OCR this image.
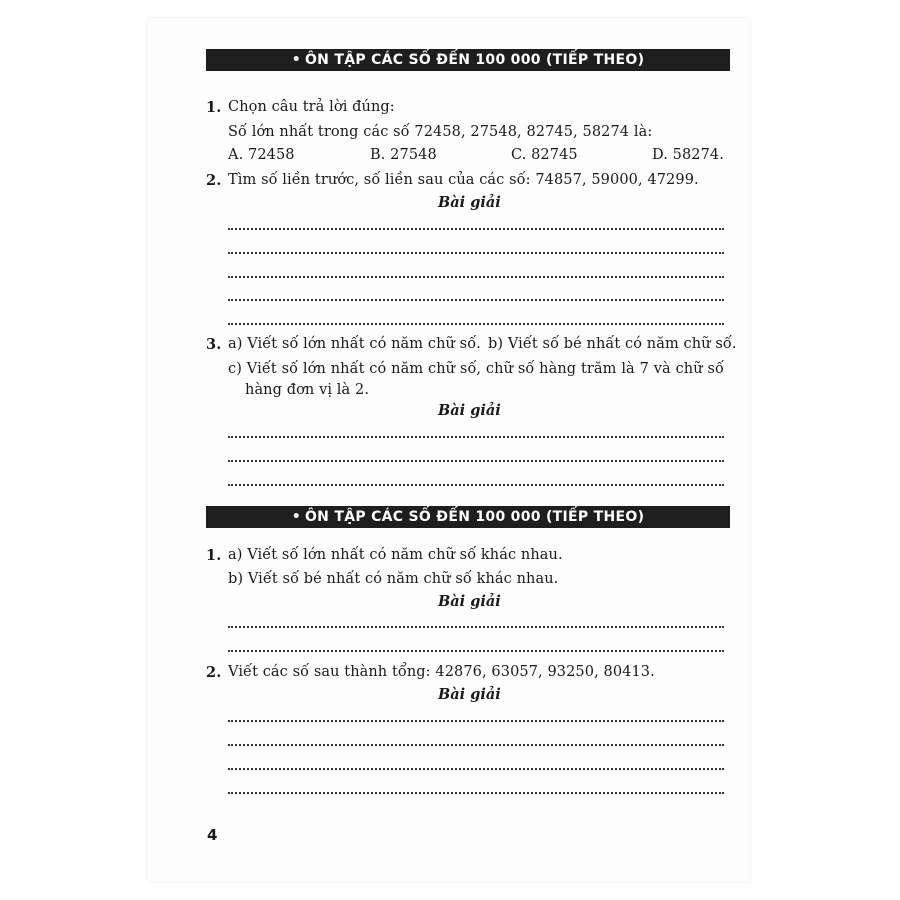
• ÔN TẬP CÁC SỐ ĐẾN 100 000 (TIẾP THEO)
1. Chọn câu trả lời đúng:
Số lớn nhất trong các số 72458, 27548, 82745, 58274 là:
A. 72458	B. 27548	C. 82745	D. 58274.
2. Tìm số liền trước, số liền sau của các số: 74857, 59000, 47299.
Bài giải
3. a) Viết số lớn nhất có năm chữ số. b) Viết số bé nhất có năm chữ số.
c) Viết số lớn nhất có năm chữ số, chữ số hàng trăm là 7 và chữ số
hàng đơn vị là 2.
Bài giải
• ÔN TẬP CÁC SỐ ĐẾN 100 000 (TIẾP THEO)
1. a) Viết số lớn nhất có năm chữ số khác nhau.
b) Viết số bé nhất có năm chữ số khác nhau.
Bài giải
2. Viết các số sau thành tổng: 42876, 63057, 93250, 80413.
Bài giải
4
